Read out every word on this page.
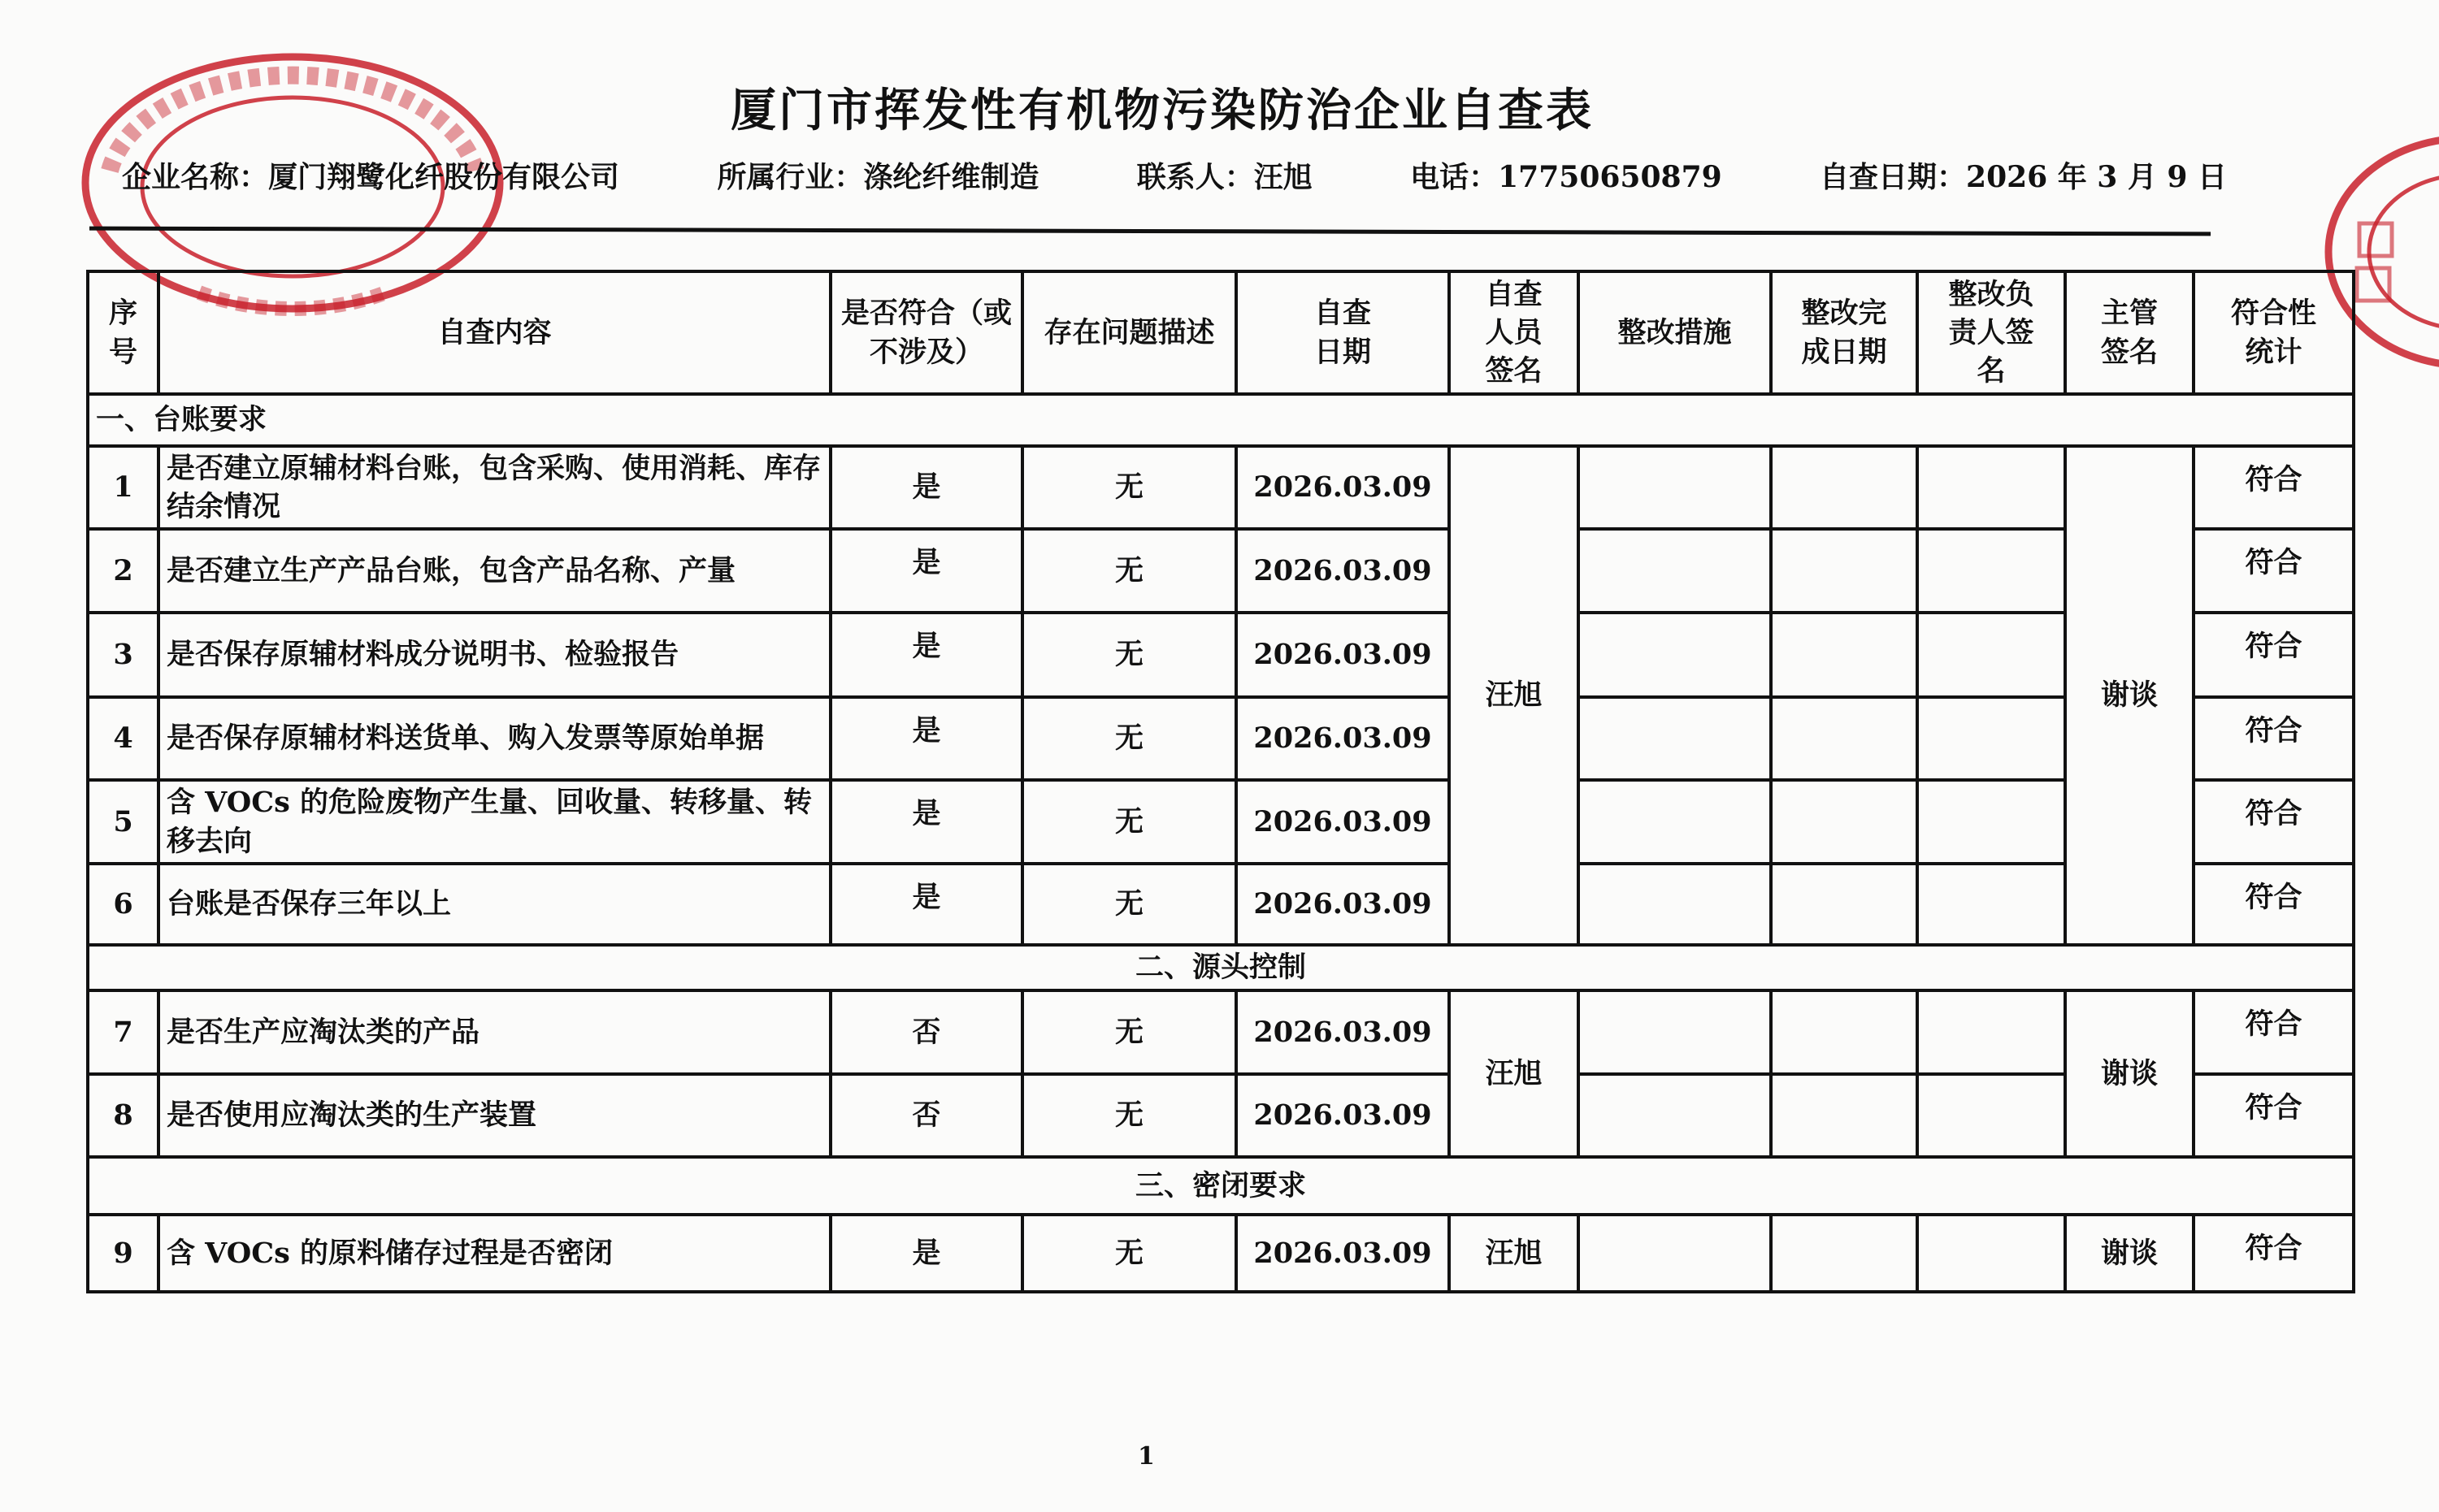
厦门市挥发性有机物污染防治企业自查表
企业名称：厦门翔鹭化纤股份有限公司	所属行业：涤纶纤维制造	联系人：汪旭	电话：17750650879	自查日期：2026 年 3 月 9 日
序号	自查内容	是否符合（或不涉及）	存在问题描述	自查日期	自查人员签名	整改措施	整改完成日期	整改负责人签名	主管签名	符合性统计
一、台账要求										
1	是否建立原辅材料台账，包含采购、使用消耗、库存结余情况	是	无	2026.03.09	汪旭				谢谈	符合
2	是否建立生产产品台账，包含产品名称、产量	是	无	2026.03.09						符合
3	是否保存原辅材料成分说明书、检验报告	是	无	2026.03.09						符合
4	是否保存原辅材料送货单、购入发票等原始单据	是	无	2026.03.09						符合
5	含 VOCs 的危险废物产生量、回收量、转移量、转移去向	是	无	2026.03.09						符合
6	台账是否保存三年以上	是	无	2026.03.09						符合
二、源头控制										
7	是否生产应淘汰类的产品	否	无	2026.03.09	汪旭				谢谈	符合
8	是否使用应淘汰类的生产装置	否	无	2026.03.09						符合
三、密闭要求										
9	含 VOCs 的原料储存过程是否密闭	是	无	2026.03.09	汪旭				谢谈	符合
1
